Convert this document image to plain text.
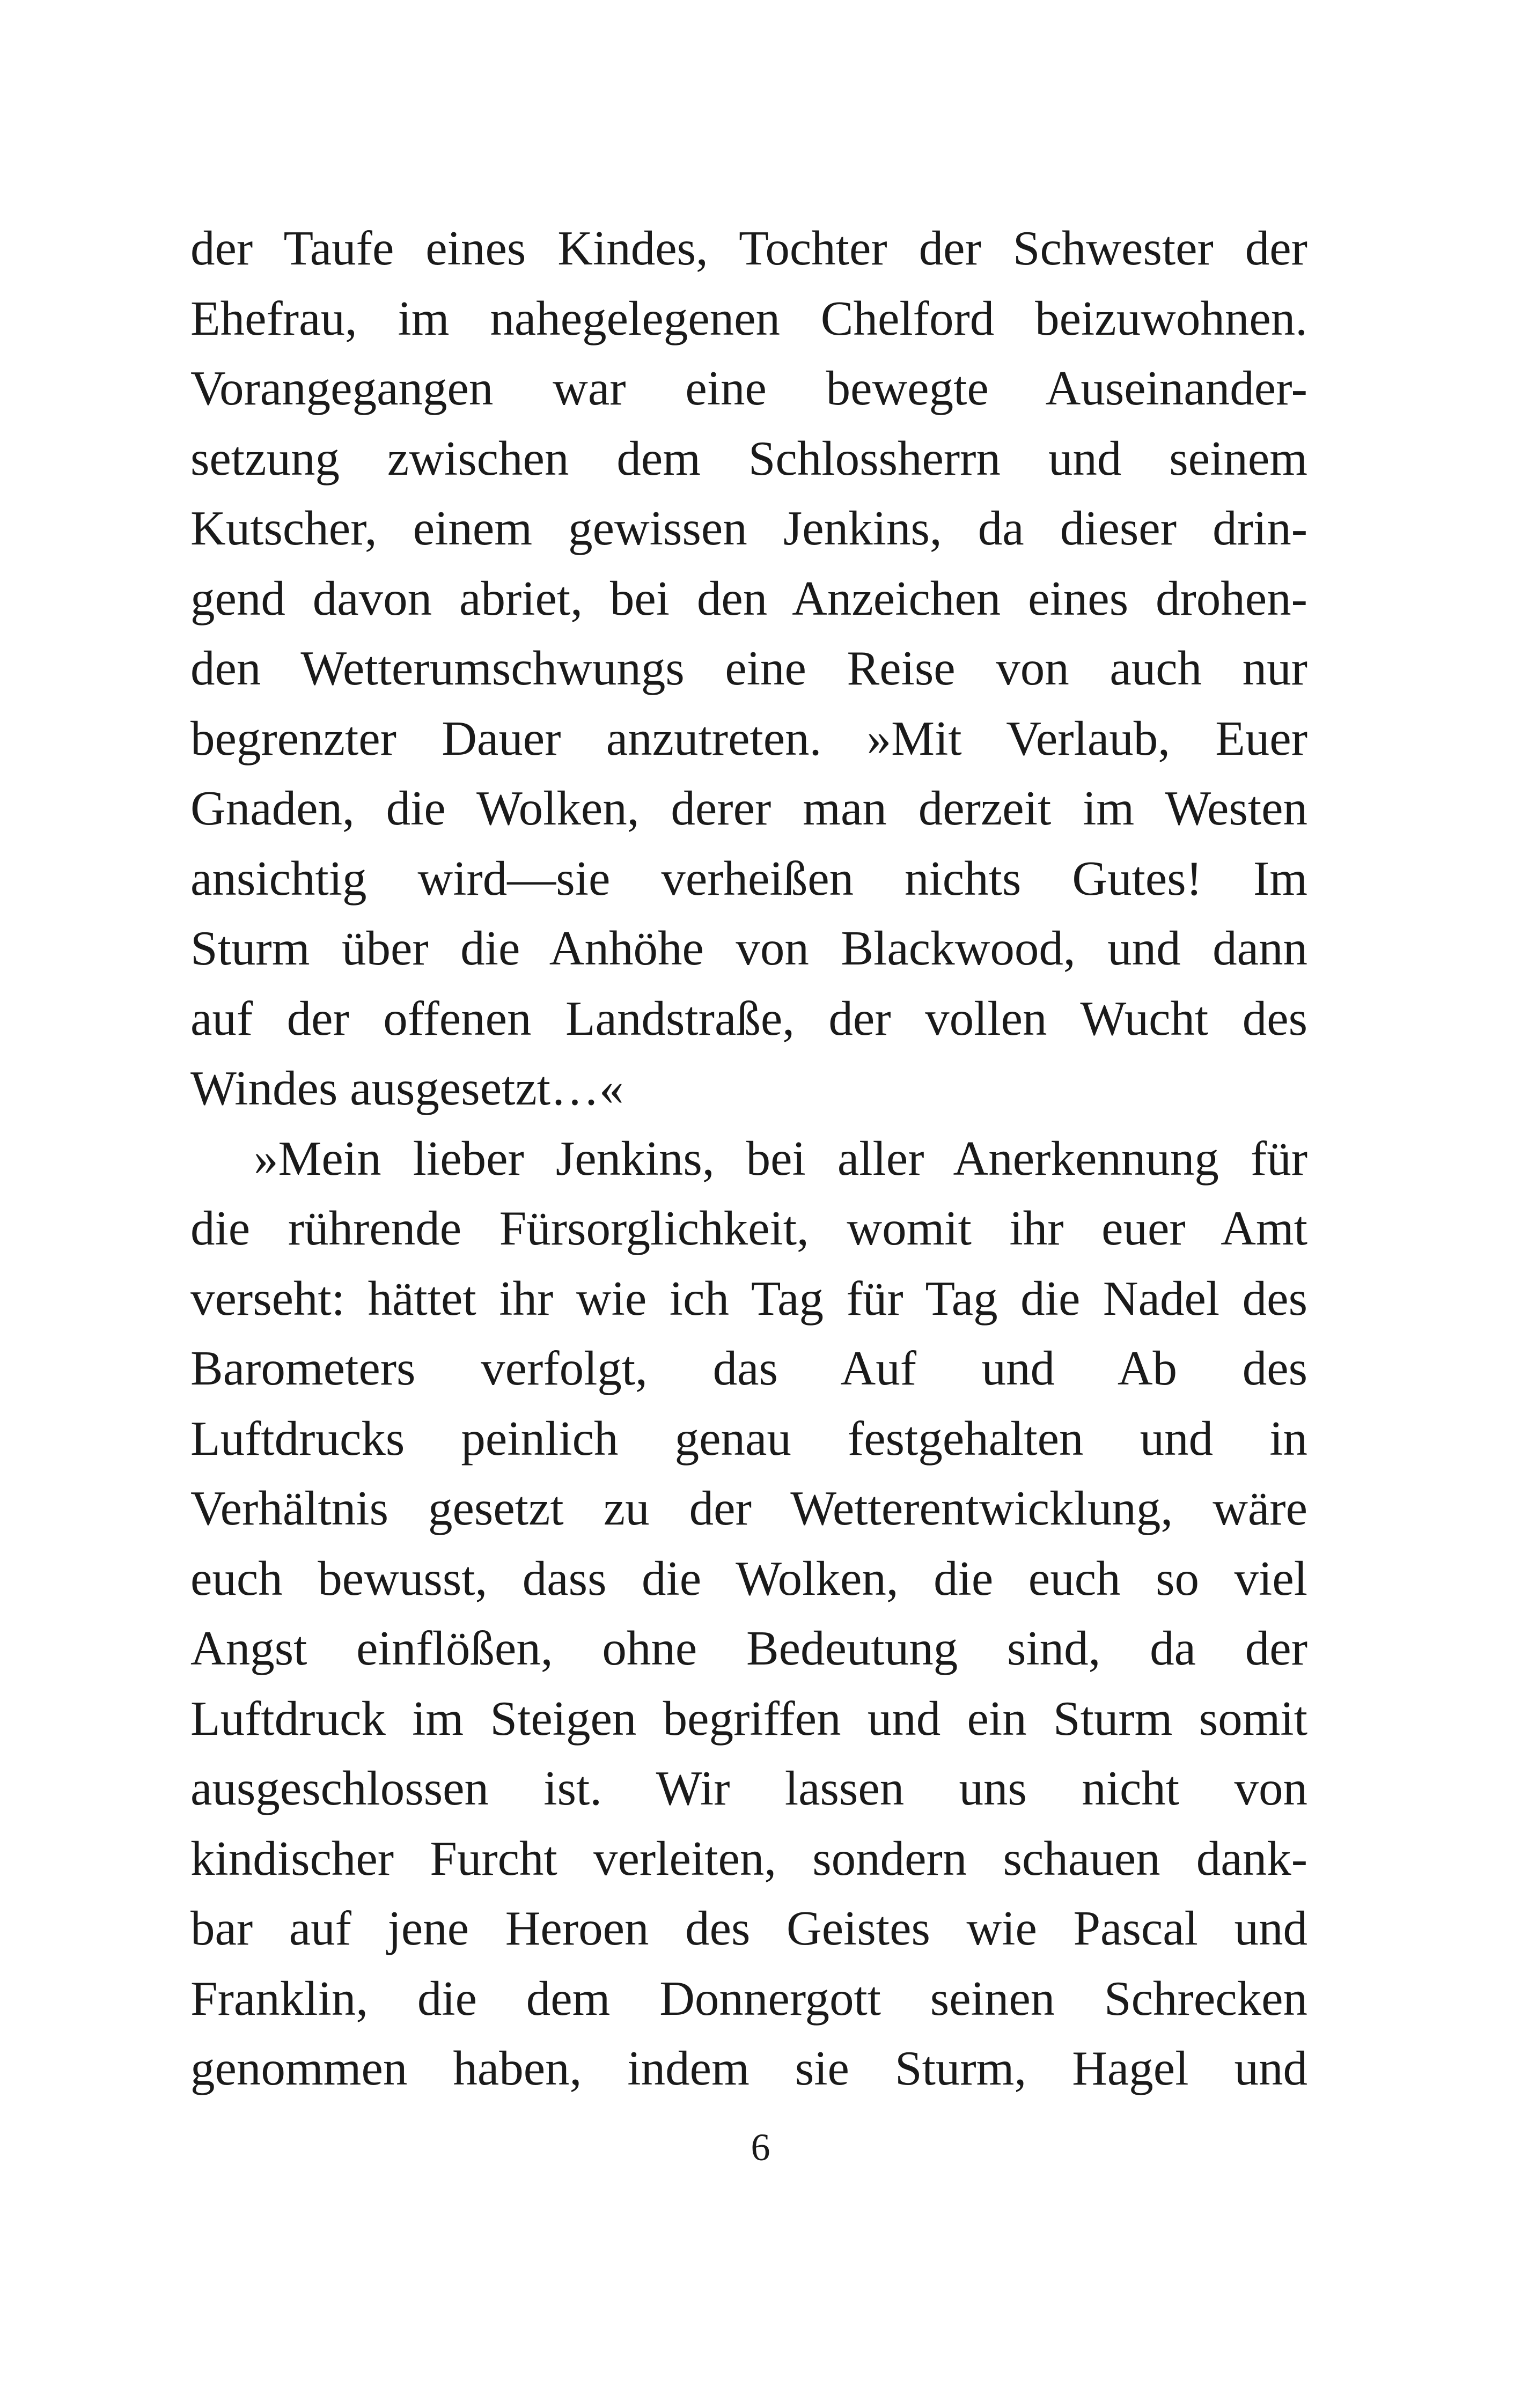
der Taufe eines Kindes, Tochter der Schwester der
Ehefrau, im nahegelegenen Chelford beizuwohnen.
Vorangegangen war eine bewegte Auseinander-
setzung zwischen dem Schlossherrn und seinem
Kutscher, einem gewissen Jenkins, da dieser drin-
gend davon abriet, bei den Anzeichen eines drohen-
den Wetterumschwungs eine Reise von auch nur
begrenzter Dauer anzutreten. »Mit Verlaub, Euer
Gnaden, die Wolken, derer man derzeit im Westen
ansichtig wird—sie verheißen nichts Gutes! Im
Sturm über die Anhöhe von Blackwood, und dann
auf der offenen Landstraße, der vollen Wucht des
Windes ausgesetzt…«
»Mein lieber Jenkins, bei aller Anerkennung für
die rührende Fürsorglichkeit, womit ihr euer Amt
verseht: hättet ihr wie ich Tag für Tag die Nadel des
Barometers verfolgt, das Auf und Ab des
Luftdrucks peinlich genau festgehalten und in
Verhältnis gesetzt zu der Wetterentwicklung, wäre
euch bewusst, dass die Wolken, die euch so viel
Angst einflößen, ohne Bedeutung sind, da der
Luftdruck im Steigen begriffen und ein Sturm somit
ausgeschlossen ist. Wir lassen uns nicht von
kindischer Furcht verleiten, sondern schauen dank-
bar auf jene Heroen des Geistes wie Pascal und
Franklin, die dem Donnergott seinen Schrecken
genommen haben, indem sie Sturm, Hagel und
6
